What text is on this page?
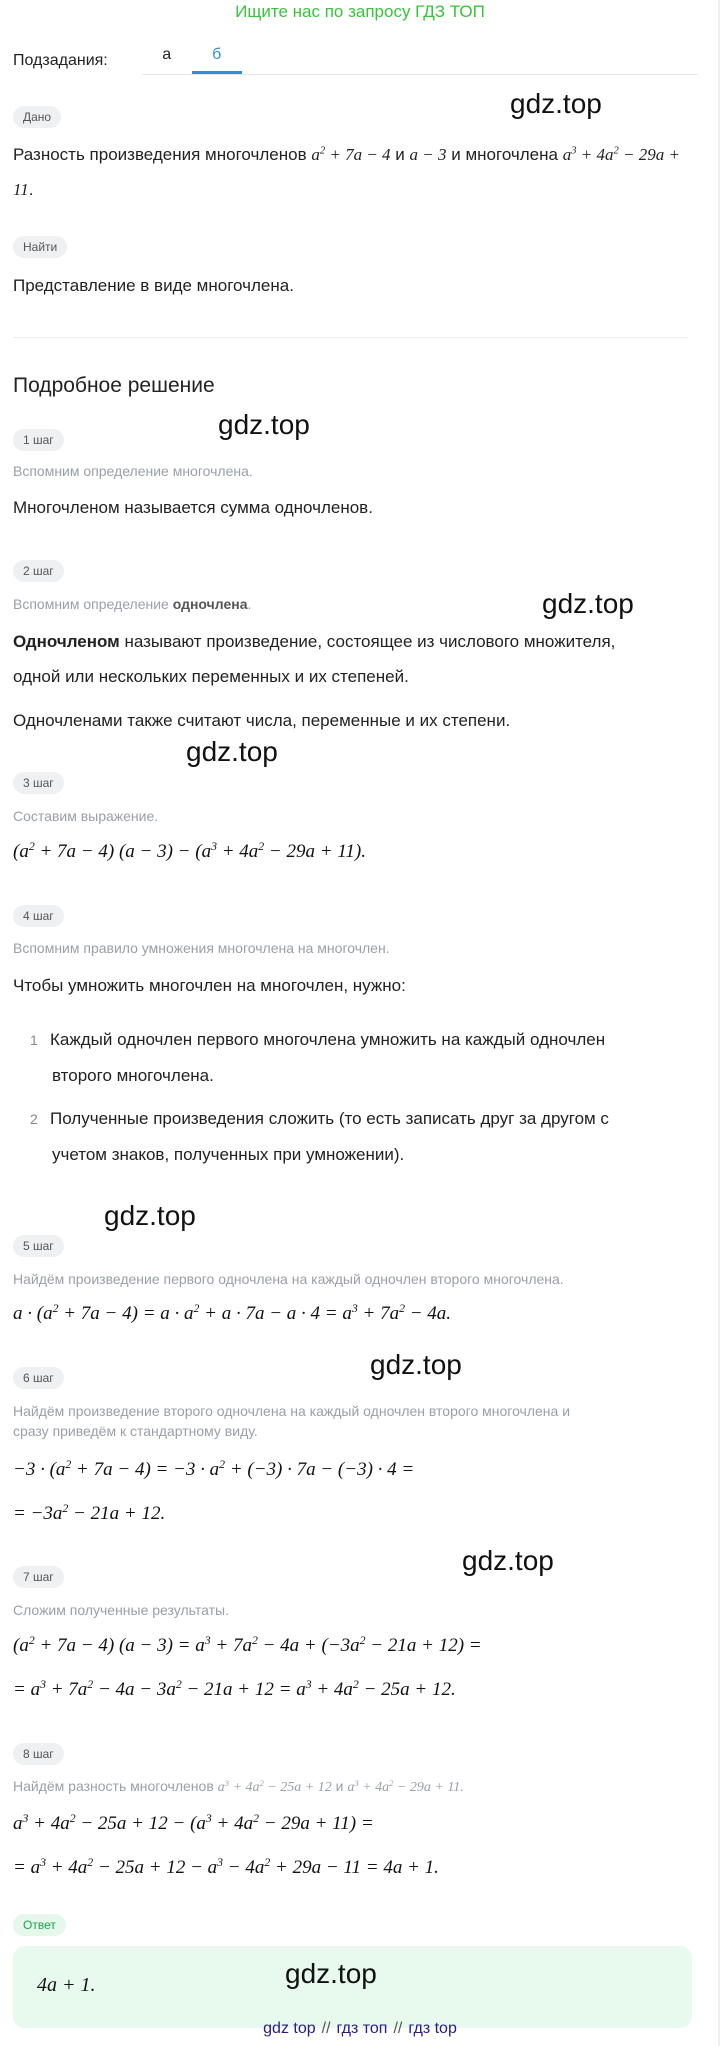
Ищите нас по запросу ГДЗ ТОП
Подзадания:	а	б
Дано
Разность произведения многочленов $a^2 + 7a - 4$ и a − 3 и многочлена $a^3 + 4a^2 - 29a + 11$.
Найти
Представление в виде многочлена.
Подробное решение
1 шаг
Вспомним определение многочлена.
Многочленом называется сумма одночленов.
2 шаг
Вспомним определение одночлена.
Одночленом называют произведение, состоящее из числового множителя,
одной или нескольких переменных и их степеней.
Одночленами также считают числа, переменные и их степени.
3 шаг
Составим выражение.
$(a^2 + 7a - 4) (a - 3) - (a^3 + 4a^2 - 29a + 11)$.
4 шаг
Вспомним правило умножения многочлена на многочлен.
Чтобы умножить многочлен на многочлен, нужно:
1 Каждый одночлен первого многочлена умножить на каждый одночлен
второго многочлена.
2 Полученные произведения сложить (то есть записать друг за другом с
учетом знаков, полученных при умножении).
5 шаг
Найдём произведение первого одночлена на каждый одночлен второго многочлена.
$a \cdot (a^2 + 7a - 4) = a \cdot a^2 + a \cdot 7a - a \cdot 4 = a^3 + 7a^2 - 4a$.
6 шаг
Найдём произведение второго одночлена на каждый одночлен второго многочлена и
сразу приведём к стандартному виду.
$-3 \cdot (a^2 + 7a - 4) = -3 \cdot a^2 + (-3) \cdot 7a - (-3) \cdot 4$ =
= $-3a^2 - 21a + 12$.
7 шаг
Сложим полученные результаты.
$(a^2 + 7a - 4) (a - 3) = a^3 + 7a^2 - 4a + (-3a^2 - 21a + 12)$ =
= $a^3 + 7a^2 - 4a - 3a^2 - 21a + 12 = a^3 + 4a^2 - 25a + 12$.
8 шаг
Найдём разность многочленов $a^3 + 4a^2 - 25a + 12$ и $a^3 + 4a^2 - 29a + 11$.
$a^3 + 4a^2 - 25a + 12 - (a^3 + 4a^2 - 29a + 11)$ =
= $a^3 + 4a^2 - 25a + 12 - a^3 - 4a^2 + 29a - 11 = 4a + 1$.
Ответ
4a + 1.
gdz.top
gdz.top
gdz.top
gdz.top
gdz.top
gdz.top
gdz.top
gdz.top
gdz top // гдз топ // гдз top
